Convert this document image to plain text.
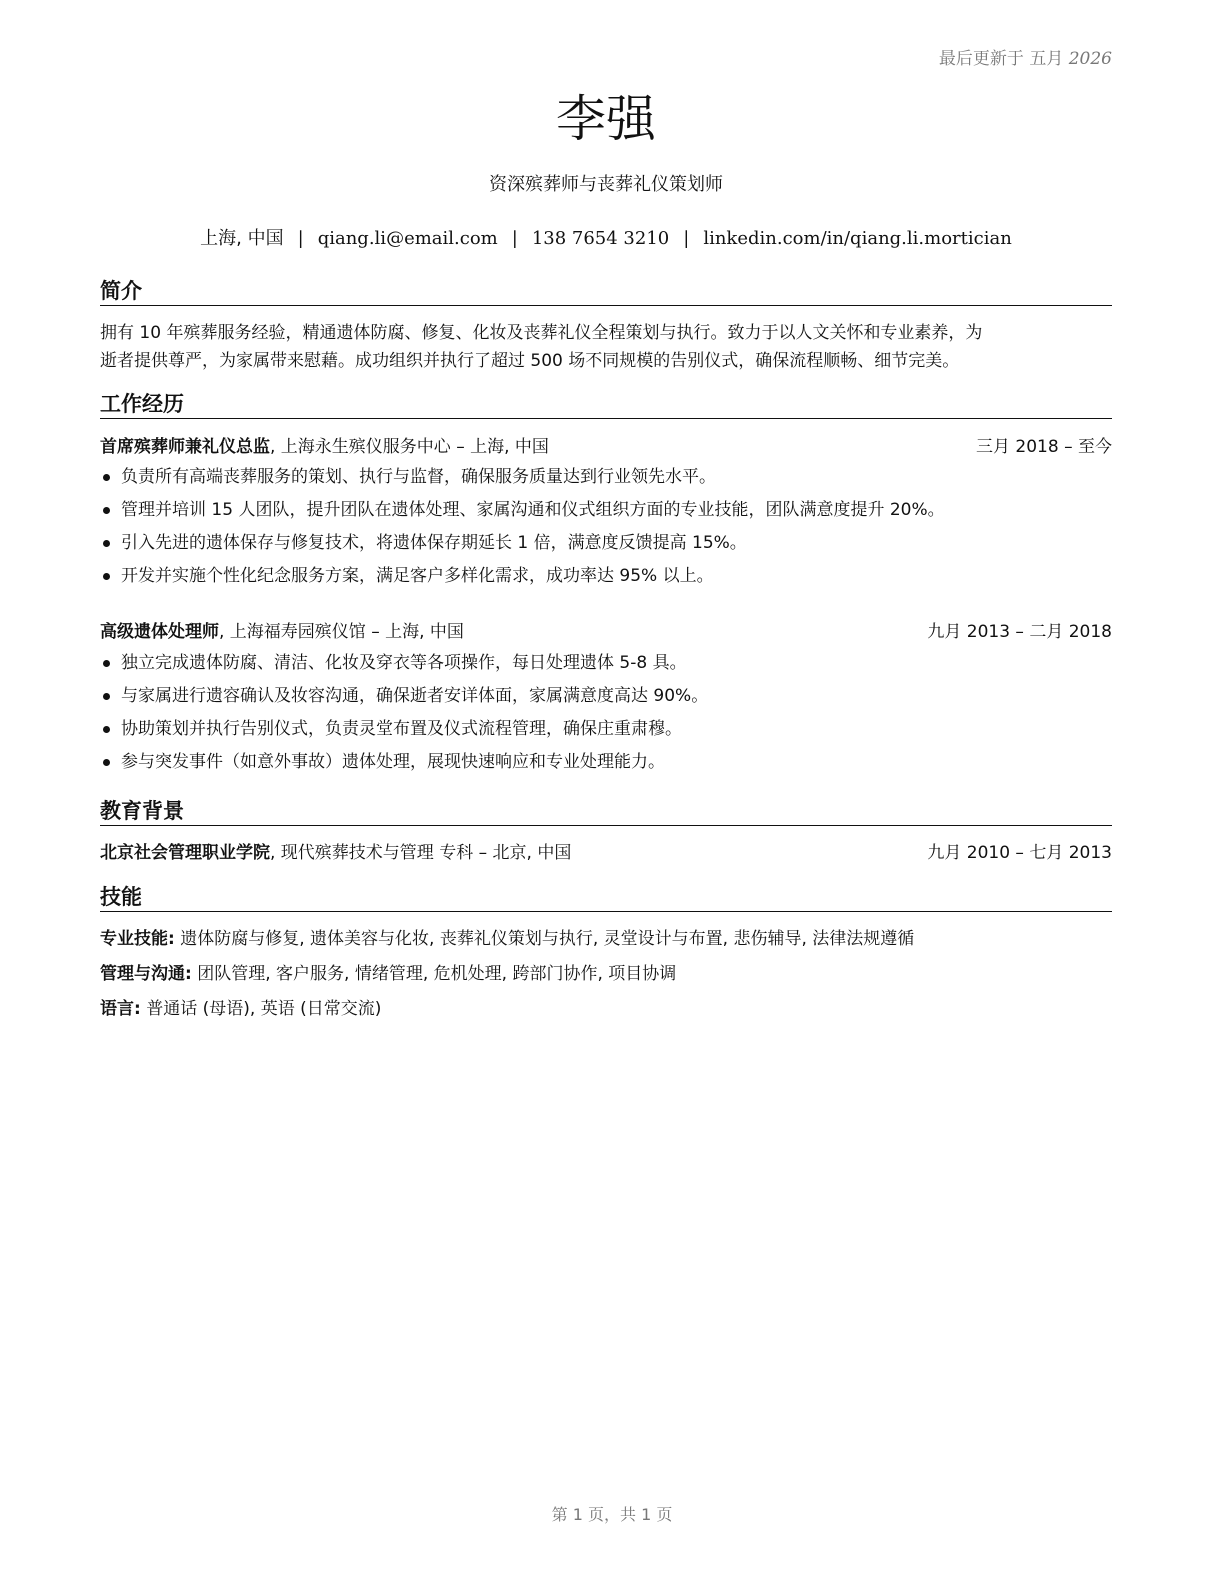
最后更新于 五月 2026
李强
资深殡葬师与丧葬礼仪策划师
上海, 中国 | qiang.li@email.com | 138 7654 3210 | linkedin.com/in/qiang.li.mortician
简介
拥有 10 年殡葬服务经验，精通遗体防腐、修复、化妆及丧葬礼仪全程策划与执行。致力于以人文关怀和专业素养，为
逝者提供尊严，为家属带来慰藉。成功组织并执行了超过 500 场不同规模的告别仪式，确保流程顺畅、细节完美。
工作经历
首席殡葬师兼礼仪总监, 上海永生殡仪服务中心 – 上海, 中国	三月 2018 – 至今
负责所有高端丧葬服务的策划、执行与监督，确保服务质量达到行业领先水平。
管理并培训 15 人团队，提升团队在遗体处理、家属沟通和仪式组织方面的专业技能，团队满意度提升 20%。
引入先进的遗体保存与修复技术，将遗体保存期延长 1 倍，满意度反馈提高 15%。
开发并实施个性化纪念服务方案，满足客户多样化需求，成功率达 95% 以上。
高级遗体处理师, 上海福寿园殡仪馆 – 上海, 中国	九月 2013 – 二月 2018
独立完成遗体防腐、清洁、化妆及穿衣等各项操作，每日处理遗体 5-8 具。
与家属进行遗容确认及妆容沟通，确保逝者安详体面，家属满意度高达 90%。
协助策划并执行告别仪式，负责灵堂布置及仪式流程管理，确保庄重肃穆。
参与突发事件（如意外事故）遗体处理，展现快速响应和专业处理能力。
教育背景
北京社会管理职业学院, 现代殡葬技术与管理 专科 – 北京, 中国	九月 2010 – 七月 2013
技能
专业技能: 遗体防腐与修复, 遗体美容与化妆, 丧葬礼仪策划与执行, 灵堂设计与布置, 悲伤辅导, 法律法规遵循
管理与沟通: 团队管理, 客户服务, 情绪管理, 危机处理, 跨部门协作, 项目协调
语言: 普通话 (母语), 英语 (日常交流)
第 1 页，共 1 页
